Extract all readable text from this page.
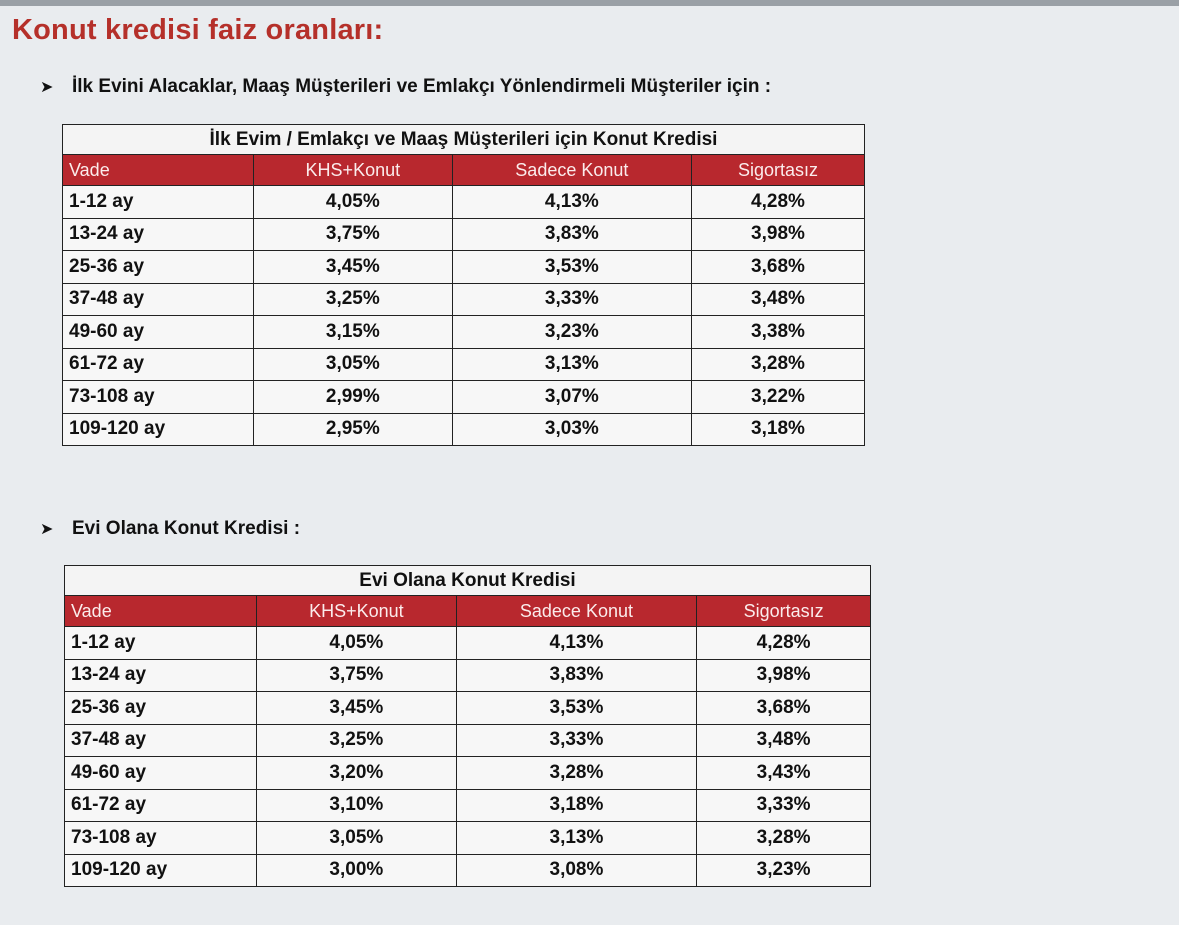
Konut kredisi faiz oranları:
➤ İlk Evini Alacaklar, Maaş Müşterileri ve Emlakçı Yönlendirmeli Müşteriler için :
İlk Evim / Emlakçı ve Maaş Müşterileri için Konut Kredisi			
Vade	KHS+Konut	Sadece Konut	Sigortasız
1-12 ay	4,05%	4,13%	4,28%
13-24 ay	3,75%	3,83%	3,98%
25-36 ay	3,45%	3,53%	3,68%
37-48 ay	3,25%	3,33%	3,48%
49-60 ay	3,15%	3,23%	3,38%
61-72 ay	3,05%	3,13%	3,28%
73-108 ay	2,99%	3,07%	3,22%
109-120 ay	2,95%	3,03%	3,18%
➤ Evi Olana Konut Kredisi :
Evi Olana Konut Kredisi			
Vade	KHS+Konut	Sadece Konut	Sigortasız
1-12 ay	4,05%	4,13%	4,28%
13-24 ay	3,75%	3,83%	3,98%
25-36 ay	3,45%	3,53%	3,68%
37-48 ay	3,25%	3,33%	3,48%
49-60 ay	3,20%	3,28%	3,43%
61-72 ay	3,10%	3,18%	3,33%
73-108 ay	3,05%	3,13%	3,28%
109-120 ay	3,00%	3,08%	3,23%
